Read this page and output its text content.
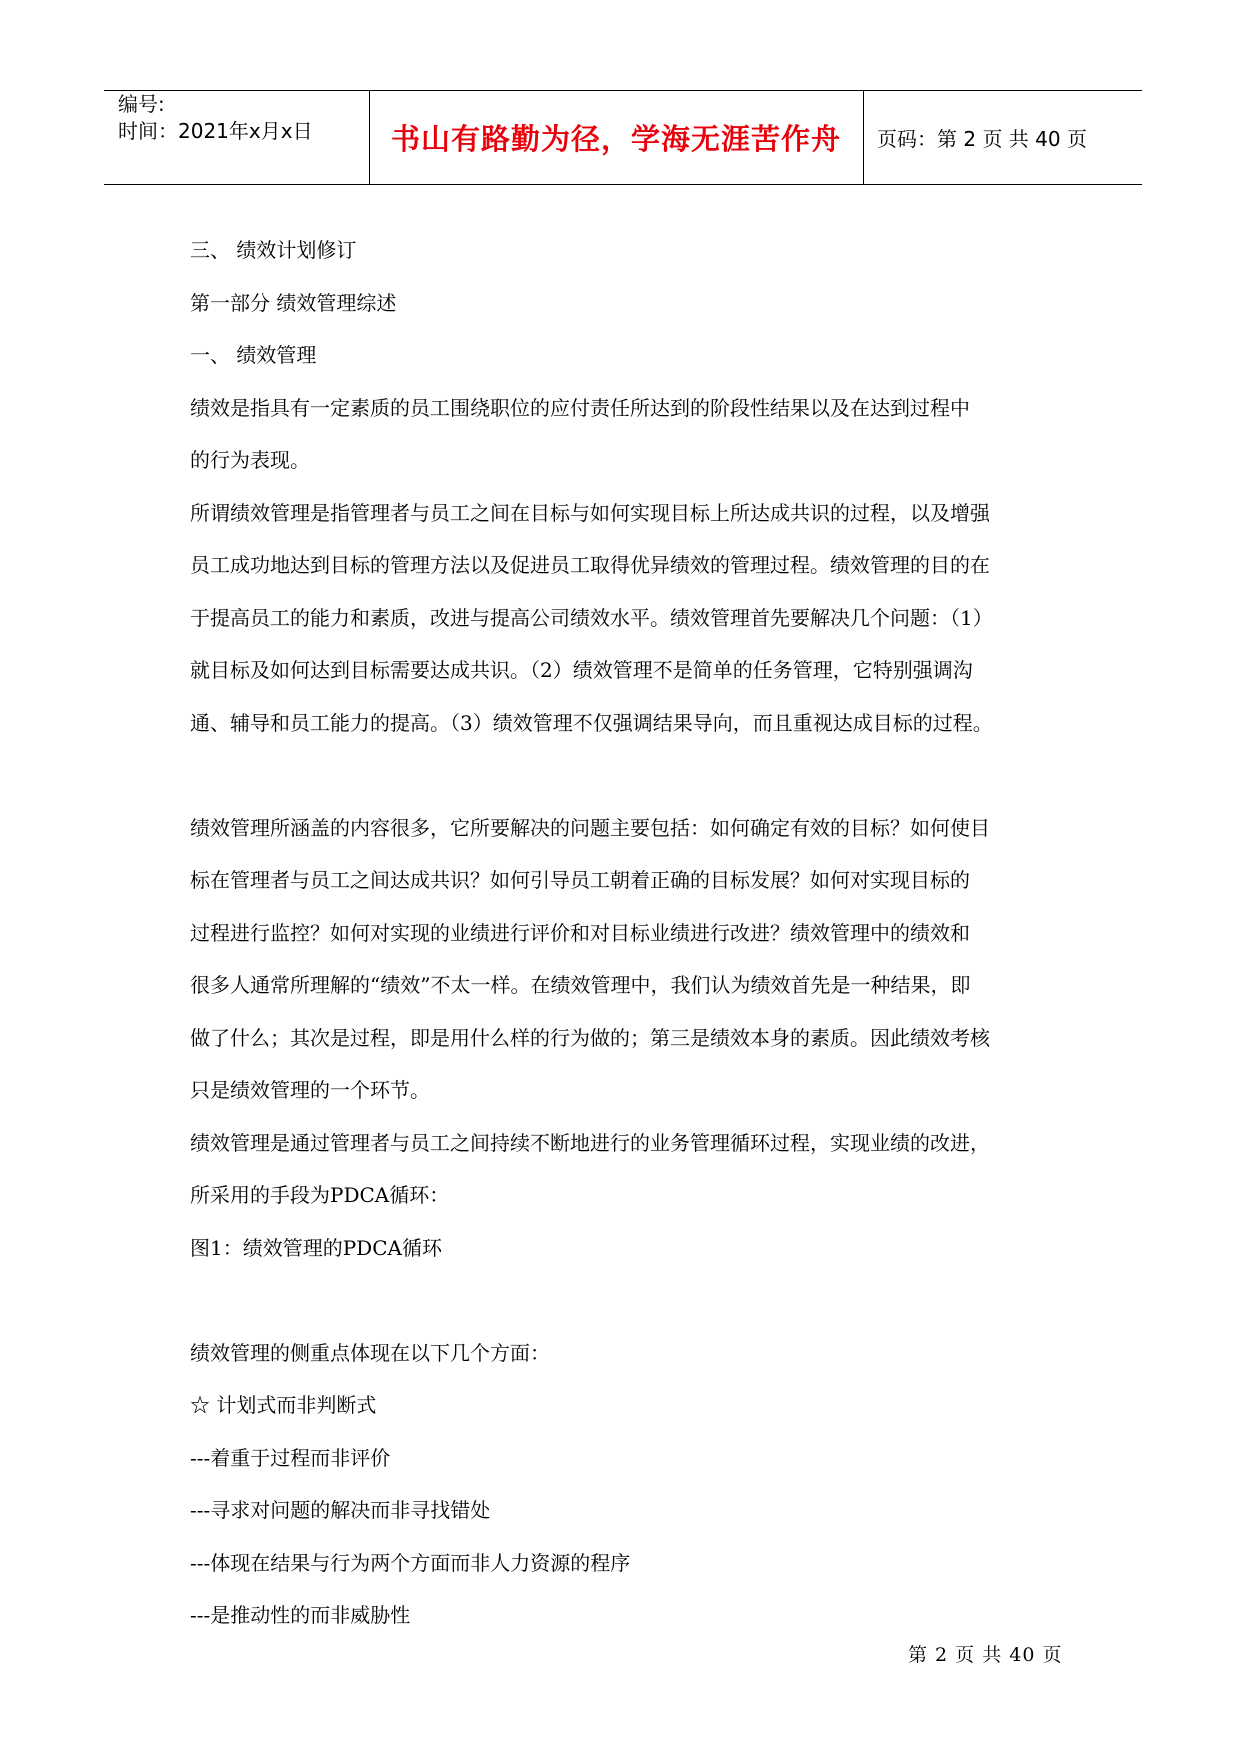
编号:
时间：2021年x月x日	书山有路勤为径，学海无涯苦作舟	页码：第 2 页 共 40 页
三、 绩效计划修订
第一部分 绩效管理综述
一、 绩效管理
绩效是指具有一定素质的员工围绕职位的应付责任所达到的阶段性结果以及在达到过程中
的行为表现。
所谓绩效管理是指管理者与员工之间在目标与如何实现目标上所达成共识的过程，以及增强
员工成功地达到目标的管理方法以及促进员工取得优异绩效的管理过程。绩效管理的目的在
于提高员工的能力和素质，改进与提高公司绩效水平。绩效管理首先要解决几个问题：（1）
就目标及如何达到目标需要达成共识。（2）绩效管理不是简单的任务管理，它特别强调沟
通、辅导和员工能力的提高。（3）绩效管理不仅强调结果导向，而且重视达成目标的过程。
绩效管理所涵盖的内容很多，它所要解决的问题主要包括：如何确定有效的目标？如何使目
标在管理者与员工之间达成共识？如何引导员工朝着正确的目标发展？如何对实现目标的
过程进行监控？如何对实现的业绩进行评价和对目标业绩进行改进？绩效管理中的绩效和
很多人通常所理解的“绩效”不太一样。在绩效管理中，我们认为绩效首先是一种结果，即
做了什么；其次是过程，即是用什么样的行为做的；第三是绩效本身的素质。因此绩效考核
只是绩效管理的一个环节。
绩效管理是通过管理者与员工之间持续不断地进行的业务管理循环过程，实现业绩的改进，
所采用的手段为PDCA循环：
图1：绩效管理的PDCA循环
绩效管理的侧重点体现在以下几个方面：
☆ 计划式而非判断式
---着重于过程而非评价
---寻求对问题的解决而非寻找错处
---体现在结果与行为两个方面而非人力资源的程序
---是推动性的而非威胁性
第 2 页 共 40 页
